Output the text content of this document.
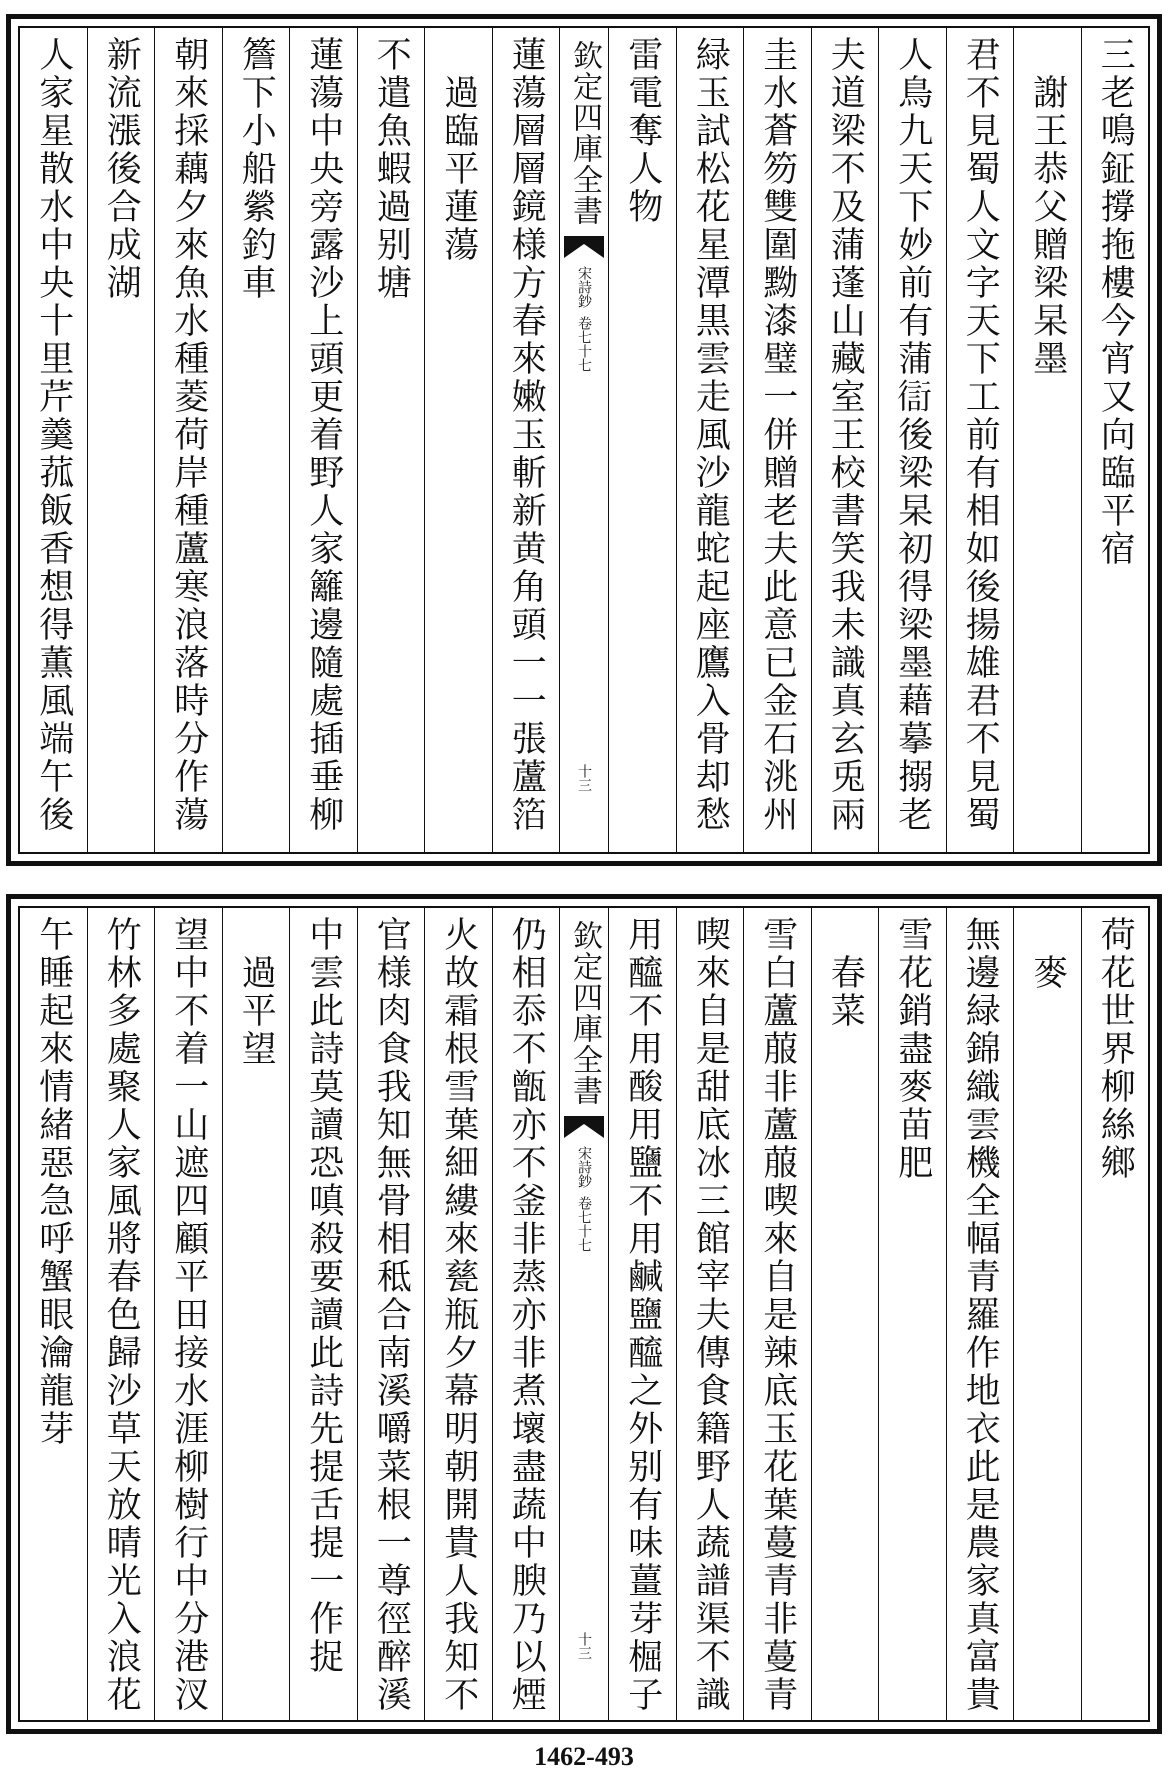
三老鳴鉦撐拖樓今宵又向臨平宿
　謝王恭父贈梁杲墨
君不見蜀人文字天下工前有相如後揚雄君不見蜀
人鳥九天下妙前有蒲𧗳後梁杲初得梁墨藉摹搦老
夫道梁不及蒲蓬山藏室王校書笑我未識真玄兎兩
圭水蒼笏雙圍黝漆璧一併贈老夫此意已金石洮州
緑玉試松花星潭黒雲走風沙龍蛇起座鷹入骨却愁
雷電奪人物
欽定四庫全書
宋詩鈔
卷七十七
十三
蓮蕩層層鏡様方春來嫩玉斬新黄角頭一一張蘆箔
　過臨平蓮蕩
不遣魚蝦過别塘
蓮蕩中央旁露沙上頭更着野人家籬邊隨處插垂柳
簷下小船縈釣車
朝來採藕夕來魚水種菱荷岸種蘆寒浪落時分作蕩
新流漲後合成湖
人家星散水中央十里芹羹菰飯香想得薫風端午後
荷花世界柳絲鄉
　麥
無邊緑錦織雲機全幅青羅作地衣此是農家真富貴
雪花銷盡麥苗肥
　春菜
雪白蘆菔非蘆菔喫來自是辣底玉花葉蔓青非蔓青
喫來自是甜底冰三館宰夫傳食籍野人蔬譜渠不識
用醯不用酸用鹽不用鹹鹽醯之外别有味薑芽㭾子
欽定四庫全書
宋詩鈔
卷七十七
十三
仍相忝不甑亦不釜非蒸亦非煮壞盡蔬中腴乃以煙
火故霜根雪葉細縷來甆瓶夕幕明朝開貴人我知不
官様肉食我知無骨相秪合南溪嚼菜根一尊徑醉溪
中雲此詩莫讀恐嗔殺要讀此詩先提舌提一作捉
　過平望
望中不着一山遮四顧平田接水涯柳樹行中分港汊
竹林多處聚人家風將春色歸沙草天放晴光入浪花
午睡起來情緒惡急呼蟹眼瀹龍芽
1462-493
